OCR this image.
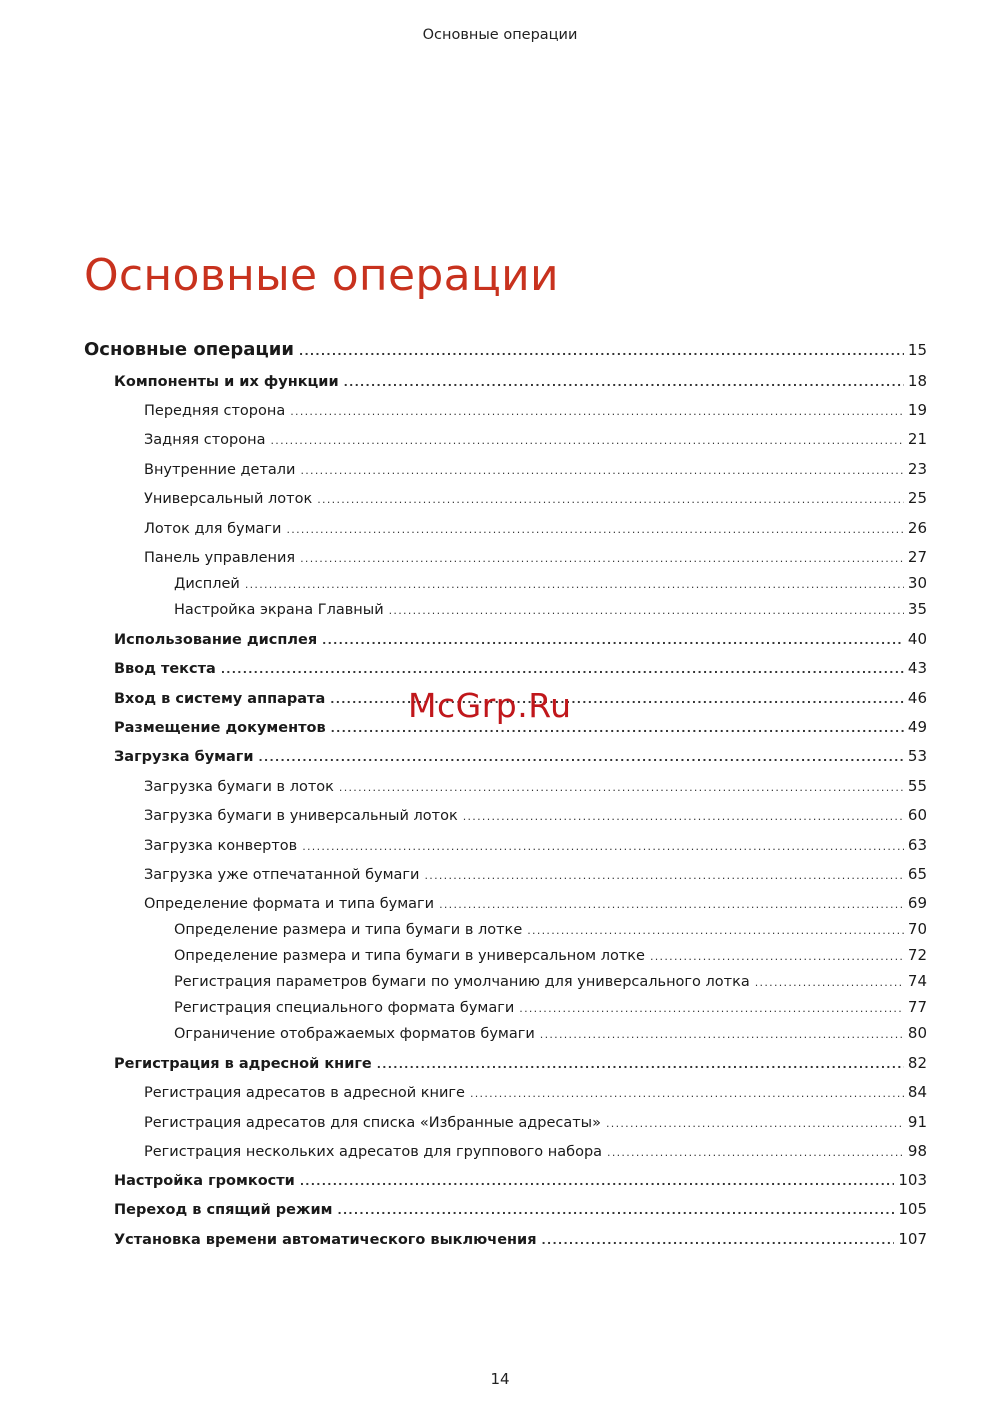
Основные операции
Основные операции
Основные операции .....	15
Компоненты и их функции .....	18
Передняя сторона .....	19
Задняя сторона .....	21
Внутренние детали .....	23
Универсальный лоток .....	25
Лоток для бумаги .....	26
Панель управления .....	27
Дисплей .....	30
Настройка экрана Главный .....	35
Использование дисплея .....	40
Ввод текста .....	43
Вход в систему аппарата .....	46
Размещение документов .....	49
Загрузка бумаги .....	53
Загрузка бумаги в лоток .....	55
Загрузка бумаги в универсальный лоток .....	60
Загрузка конвертов .....	63
Загрузка уже отпечатанной бумаги .....	65
Определение формата и типа бумаги .....	69
Определение размера и типа бумаги в лотке .....	70
Определение размера и типа бумаги в универсальном лотке .....	72
Регистрация параметров бумаги по умолчанию для универсального лотка .....	74
Регистрация специального формата бумаги .....	77
Ограничение отображаемых форматов бумаги .....	80
Регистрация в адресной книге .....	82
Регистрация адресатов в адресной книге .....	84
Регистрация адресатов для списка «Избранные адресаты» .....	91
Регистрация нескольких адресатов для группового набора .....	98
Настройка громкости .....	103
Переход в спящий режим .....	105
Установка времени автоматического выключения .....	107
McGrp.Ru
14
